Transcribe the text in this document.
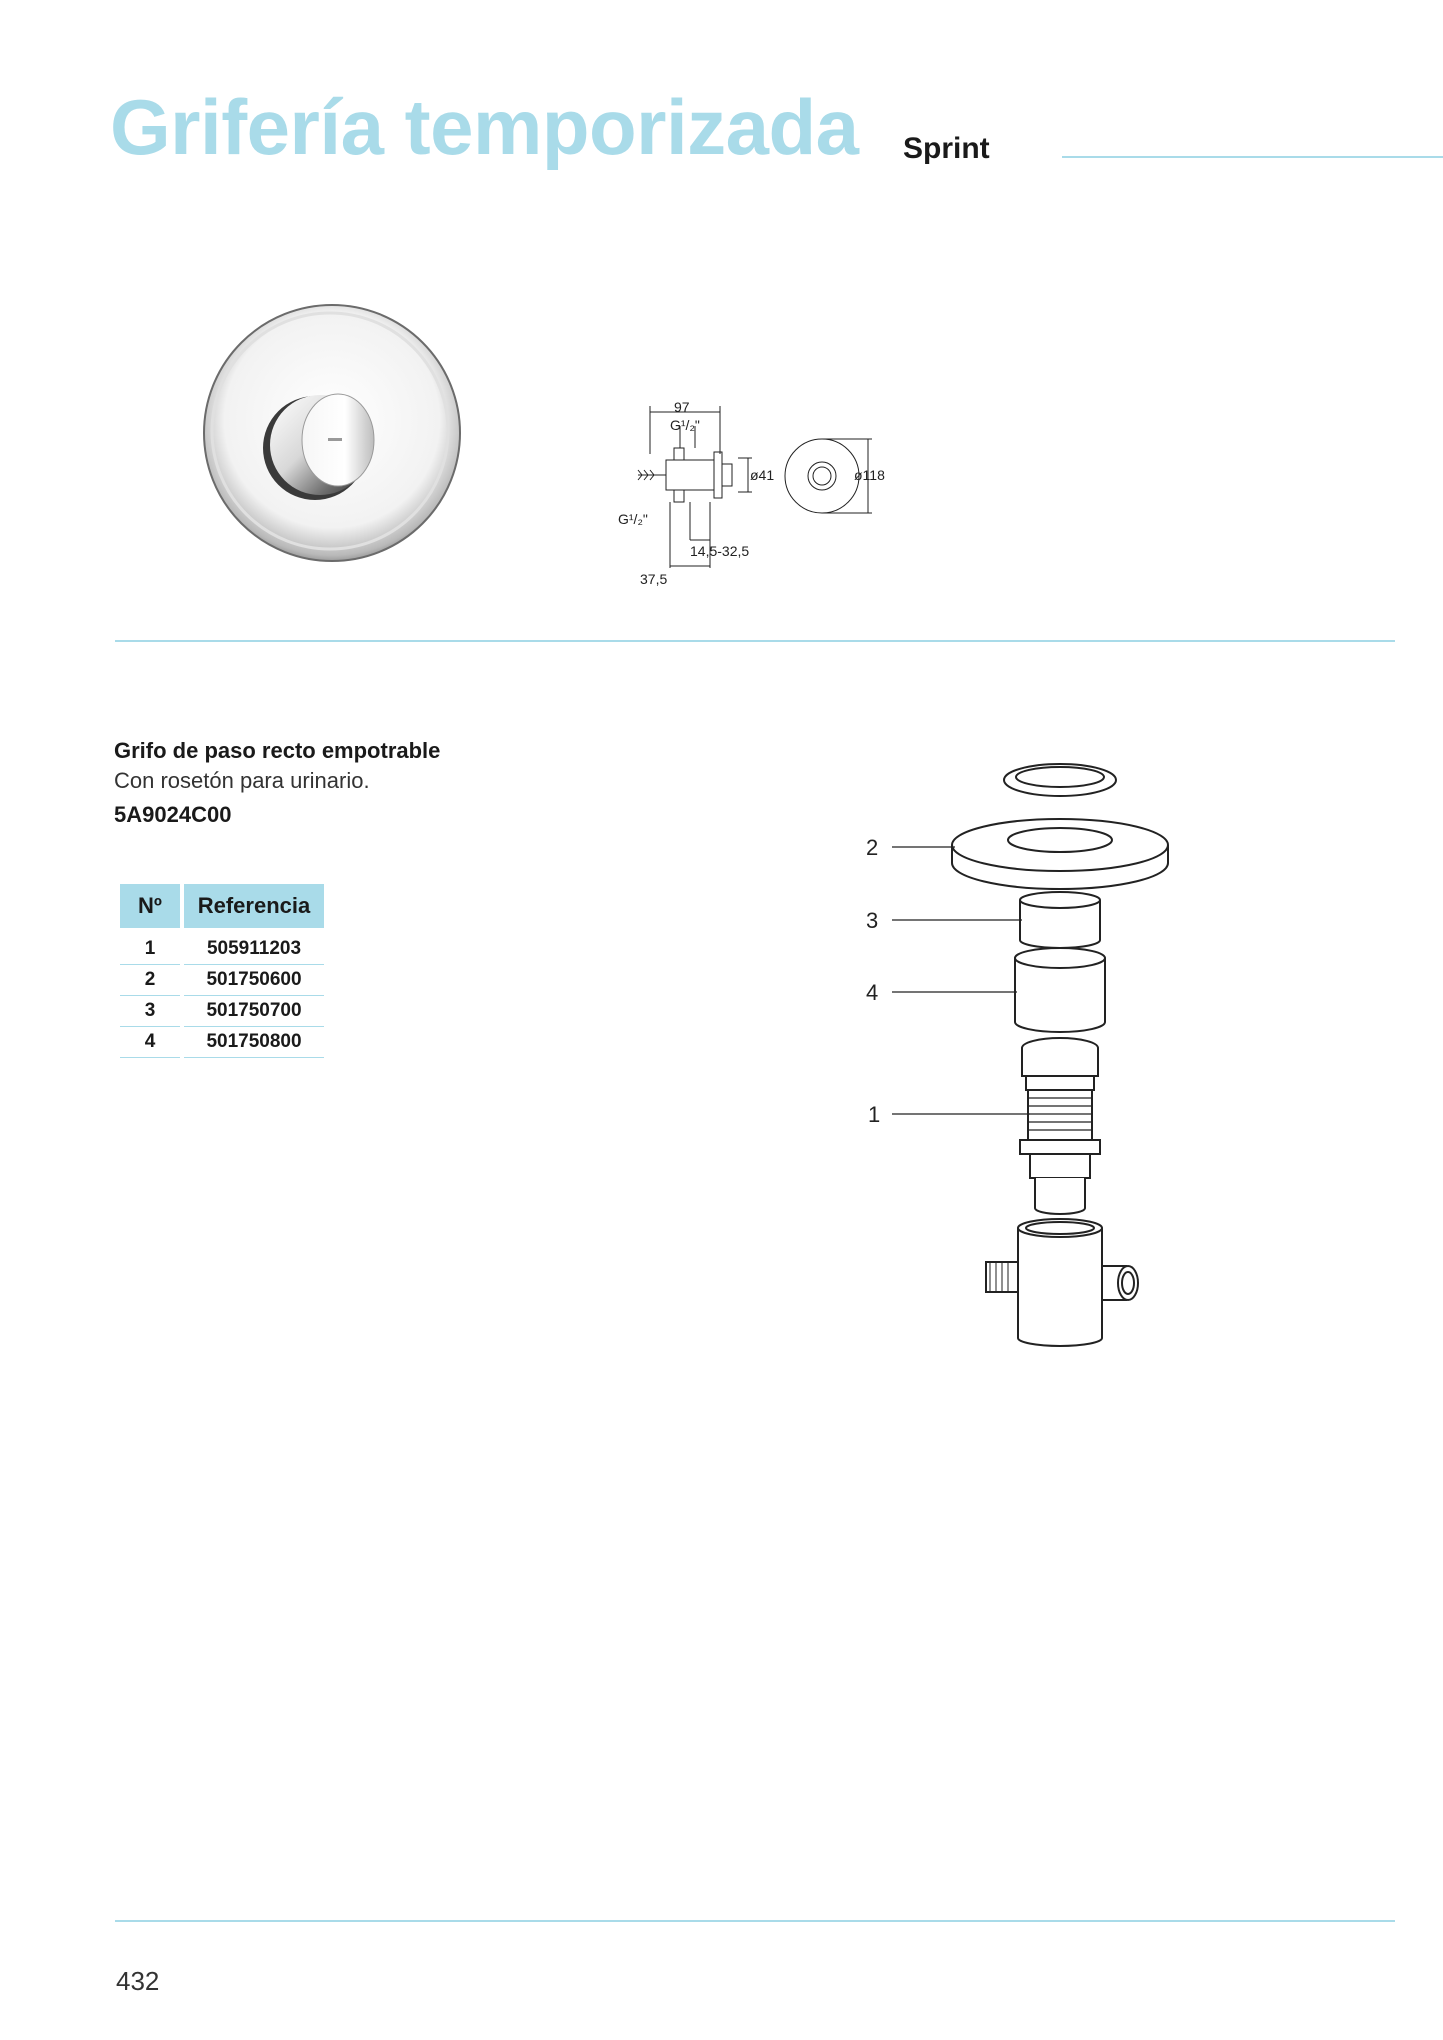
Grifería temporizada Sprint
97
G¹/₂"
ø41
G¹/₂"
14,5-32,5
37,5
ø118
Grifo de paso recto empotrable
Con rosetón para urinario.
5A9024C00
Nº	Referencia
1	505911203
2	501750600
3	501750700
4	501750800
2
3
4
1
432
